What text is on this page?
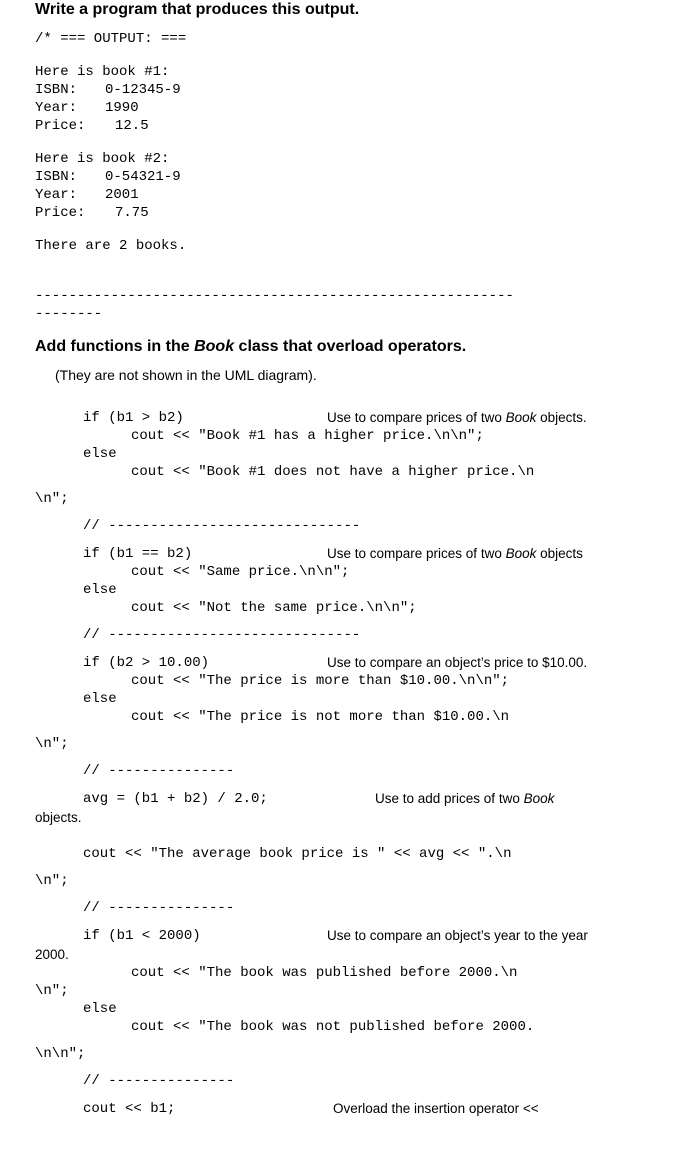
Write a program that produces this output.
/* === OUTPUT: ===
Here is book #1:
ISBN: 0-12345-9
Year: 1990
Price: 12.5
Here is book #2:
ISBN: 0-54321-9
Year: 2001
Price: 7.75
There are 2 books.
---------------------------------------------------------
--------
Add functions in the Book class that overload operators.
(They are not shown in the UML diagram).
if (b1 > b2)	Use to compare prices of two Book objects.
cout << "Book #1 has a higher price.\n\n";
else
cout << "Book #1 does not have a higher price.\n
\n";
// ------------------------------
if (b1 == b2)	Use to compare prices of two Book objects
cout << "Same price.\n\n";
else
cout << "Not the same price.\n\n";
// ------------------------------
if (b2 > 10.00)	Use to compare an object’s price to $10.00.
cout << "The price is more than $10.00.\n\n";
else
cout << "The price is not more than $10.00.\n
\n";
// ---------------
avg = (b1 + b2) / 2.0;	Use to add prices of two Book
objects.
cout << "The average book price is " << avg << ".\n
\n";
// ---------------
if (b1 < 2000)	Use to compare an object’s year to the year
2000.
cout << "The book was published before 2000.\n
\n";
else
cout << "The book was not published before 2000.
\n\n";
// ---------------
cout << b1;	Overload the insertion operator <<
